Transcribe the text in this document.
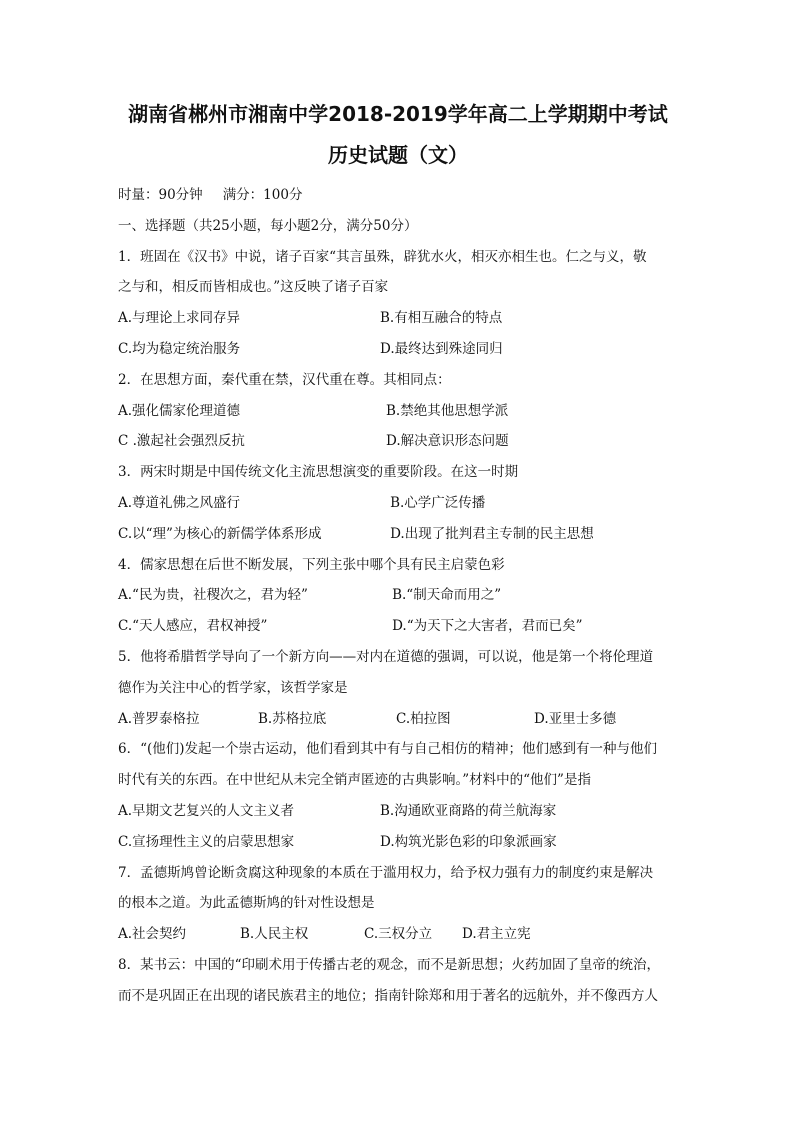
湖南省郴州市湘南中学2018-2019学年高二上学期期中考试
历史试题（文）
时量：90分钟 满分：100分
一、选择题（共25小题，每小题2分，满分50分）
1．班固在《汉书》中说，诸子百家“其言虽殊，辟犹水火，相灭亦相生也。仁之与义，敬
之与和，相反而皆相成也。”这反映了诸子百家
A.与理论上求同存异	B.有相互融合的特点
C.均为稳定统治服务	D.最终达到殊途同归
2．在思想方面，秦代重在禁，汉代重在尊。其相同点：
A.强化儒家伦理道德	B.禁绝其他思想学派
C .激起社会强烈反抗	D.解决意识形态问题
3．两宋时期是中国传统文化主流思想演变的重要阶段。在这一时期
A.尊道礼佛之风盛行	B.心学广泛传播
C.以“理”为核心的新儒学体系形成	D.出现了批判君主专制的民主思想
4．儒家思想在后世不断发展，下列主张中哪个具有民主启蒙色彩
A.“民为贵，社稷次之，君为轻”	B.“制天命而用之”
C.“天人感应，君权神授”	D.“为天下之大害者，君而已矣”
5．他将希腊哲学导向了一个新方向——对内在道德的强调，可以说，他是第一个将伦理道
德作为关注中心的哲学家，该哲学家是
A.普罗泰格拉	B.苏格拉底	C.柏拉图	D.亚里士多德
6．“(他们)发起一个崇古运动，他们看到其中有与自己相仿的精神；他们感到有一种与他们
时代有关的东西。在中世纪从未完全销声匿迹的古典影响。”材料中的“他们”是指
A.早期文艺复兴的人文主义者	B.沟通欧亚商路的荷兰航海家
C.宣扬理性主义的启蒙思想家	D.构筑光影色彩的印象派画家
7．孟德斯鸠曾论断贪腐这种现象的本质在于滥用权力，给予权力强有力的制度约束是解决
的根本之道。为此孟德斯鸠的针对性设想是
A.社会契约	B.人民主权	C.三权分立	D.君主立宪
8．某书云：中国的“印刷术用于传播古老的观念，而不是新思想；火药加固了皇帝的统治，
而不是巩固正在出现的诸民族君主的地位；指南针除郑和用于著名的远航外，并不像西方人
